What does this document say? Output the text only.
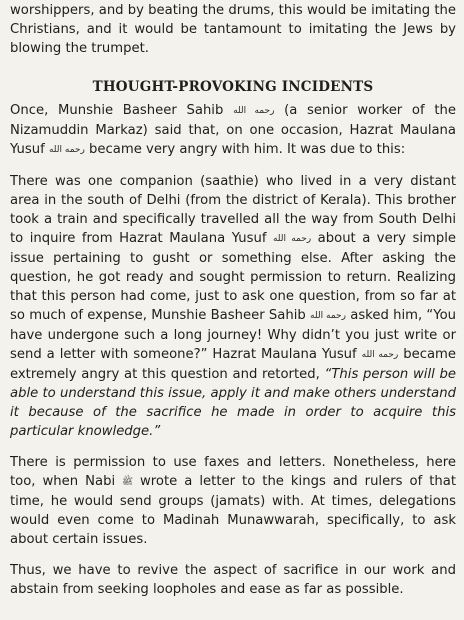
worshippers, and by beating the drums, this would be imitating the Christians, and it would be tantamount to imitating the Jews by blowing the trumpet.

THOUGHT-PROVOKING INCIDENTS

Once, Munshie Basheer Sahib رحمه الله (a senior worker of the Nizamuddin Markaz) said that, on one occasion, Hazrat Maulana Yusuf رحمه الله became very angry with him. It was due to this:

There was one companion (saathie) who lived in a very distant area in the south of Delhi (from the district of Kerala). This brother took a train and specifically travelled all the way from South Delhi to inquire from Hazrat Maulana Yusuf رحمه الله about a very simple issue pertaining to gusht or something else. After asking the question, he got ready and sought permission to return. Realizing that this person had come, just to ask one question, from so far at so much of expense, Munshie Basheer Sahib رحمه الله asked him, “You have undergone such a long journey! Why didn’t you just write or send a letter with someone?” Hazrat Maulana Yusuf رحمه الله became extremely angry at this question and retorted, “This person will be able to understand this issue, apply it and make others understand it because of the sacrifice he made in order to acquire this particular knowledge.”

There is permission to use faxes and letters. Nonetheless, here too, when Nabi ﷺ wrote a letter to the kings and rulers of that time, he would send groups (jamats) with. At times, delegations would even come to Madinah Munawwarah, specifically, to ask about certain issues.

Thus, we have to revive the aspect of sacrifice in our work and abstain from seeking loopholes and ease as far as possible.
